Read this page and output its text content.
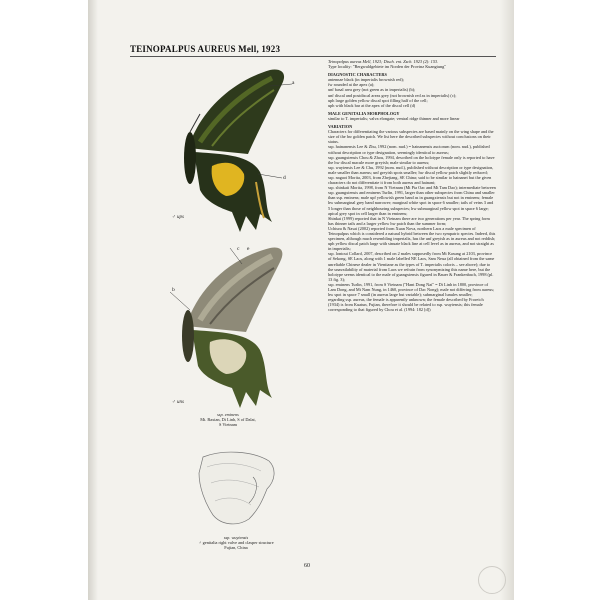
TEINOPALPUS AUREUS Mell, 1923

Teinopalpus aureus Mell, 1923; Dtsch. ent. Zsch. 1923 (2): 153.

Type locality: "Bergwaldgebiete im Norden der Provinz Kuangtung"

DIAGNOSTIC CHARACTERS

antennae black (in imperialis brownish red);

fw rounded at the apex (a);

unf basal area grey (not green as in imperialis) (b);

unf discal and postdiscal areas grey (not brownish red as in imperialis) (c);

uph large golden yellow discal spot filling half of the cell;

uph with black bar at the apex of the discal cell (d)

MALE GENITALIA MORPHOLOGY

similar to T. imperialis; valva elongate; ventral ridge thinner and more linear

VARIATION

Characters for differentiating the various subspecies are based mainly on the wing shape and the size of the hw golden patch. We list here the described subspecies without conclusions on their status.

ssp. hainanensis Lee & Zhu, 1992 (nom. nud.) = hainanensis auctorum (nom. nud.), published without description or type designation, seemingly identical to aureus;

ssp. guangxiensis Chou & Zhou, 1994, described on the holotype female only is reported to have the hw discal macule more greyish; male similar to aureus;

ssp. wuyiensis Lee & Chu, 1992 (nom. nud.), published without description or type designation, male smaller than aureus; unf greyish spots smaller; hw discal yellow patch slightly reduced;

ssp. nagaoi Morita, 2003, from Zhejiang, SE China; said to be similar to hainanei but the given characters do not differentiate it from both aureus and hainani;

ssp. shinkaii Morita, 1998, from N Vietnam (Mt Pia Oac and Mt Tam Dao); intermediate between ssp. guangxiensis and eminens Turlin, 1991, larger than other subspecies from China and smaller than ssp. eminens; male upf yellowish green band as in guangxiensis but not in eminens; female hw submarginal grey band narrower; marginal white spot in space 6 smaller; tails of veins 3 and 5 longer than those of neighbouring subspecies; hw submarginal yellow spot in space 6 large; apical grey spot in cell larger than in eminens;

Shinkai (1999) reported that in N Vietnam there are two generations per year. The spring form has thinner tails and a larger yellow hw patch than the summer form;

Uchiura & Nasai (2002) reported from Xuan Nova, northern Laos a male specimen of Teinopalpus which is considered a natural hybrid between the two sympatric species. Indeed, this specimen, although much resembling imperialis, has the unf greyish as in aureus and not reddish; uph yellow discal patch large with sinuate black line at cell level as in aureus, and not straight as in imperialis;

ssp. lontoui Collard, 2007, described on 2 males supposedly from Mt Kasung at 2103, province of Sekong, SE Laos, along with 1 male labelled NE Laos, Sam Neua (all obtained from the same unreliable Chinese dealer in Vientiane as the types of T. imperialis coloris – see above); due to the unavailability of material from Laos we refrain from synonymizing this name here, but the holotype seems identical to the male of guangxiensis figured in Bauer & Frankenbach, 1998 (pl. 13 fig. 3);

ssp. eminens Turlin, 1991, from S Vietnam ("Hant Dong Nai" = Di Linh in 1800, province of Lam Dong, and Mt Nam Nung, in 1460, province of Dac Nong); male not differing from aureus; hw spot in space 7 small (in aureus large but variable); submarginal lunules smaller;

regarding ssp. aureus, the female is apparently unknown; the female described by Froreich (1934) is from Kuatun, Fujian, therefore it should be related to ssp. wuyiensis; this female corresponding to that figured by Chou et al. (1994: 182 [d])

a
d
♂ ups
b
c e
♂ uns
ssp. eminens
Mt. Baxian, Di Linh, S of Dalat,
S Vietnam
ssp. wuyiensis
♂ genitalia right valve and clasper structure
Fujian, China
60
